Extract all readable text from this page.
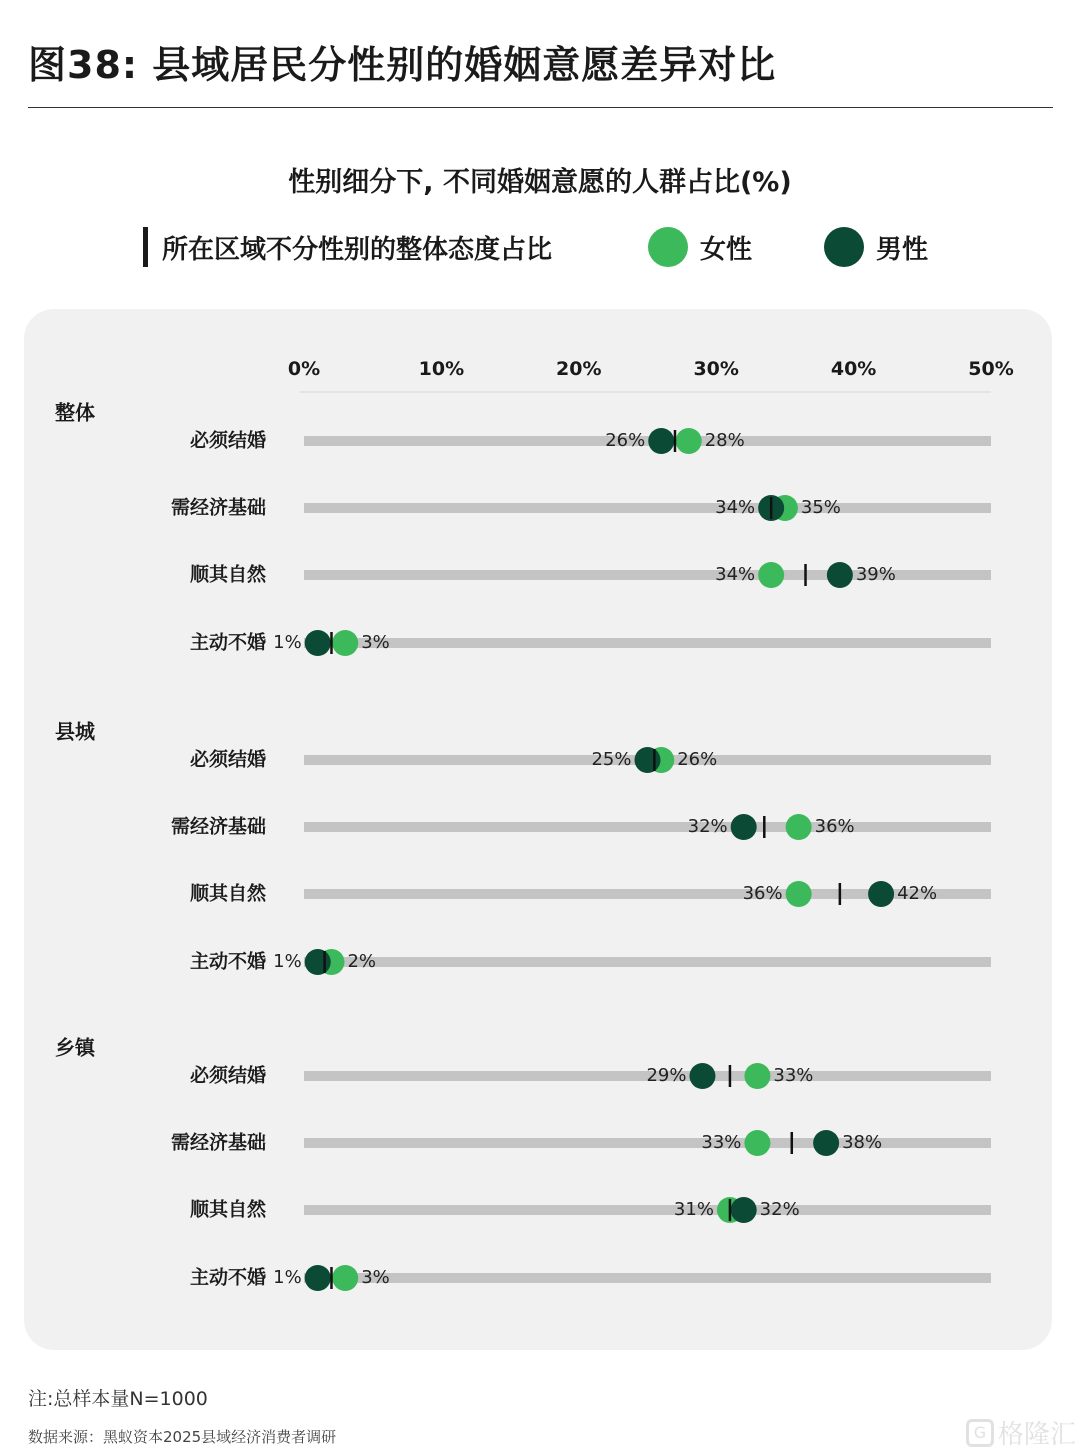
图38: 县域居民分性别的婚姻意愿差异对比
性别细分下, 不同婚姻意愿的人群占比(%)
所在区域不分性别的整体态度占比	女性	男性
0%	10%	20%	30%	40%	50%
整体
必须结婚	26%	28%
需经济基础	34%	35%
顺其自然	34%	39%
主动不婚 1%	3%
县城
必须结婚	25%	26%
需经济基础	32%	36%
顺其自然	36%	42%
主动不婚 1%	2%
乡镇
必须结婚	29%	33%
需经济基础	33%	38%
顺其自然	31%	32%
主动不婚 1%	3%
注:总样本量N=1000
数据来源：黑蚁资本2025县域经济消费者调研	G 格隆汇
